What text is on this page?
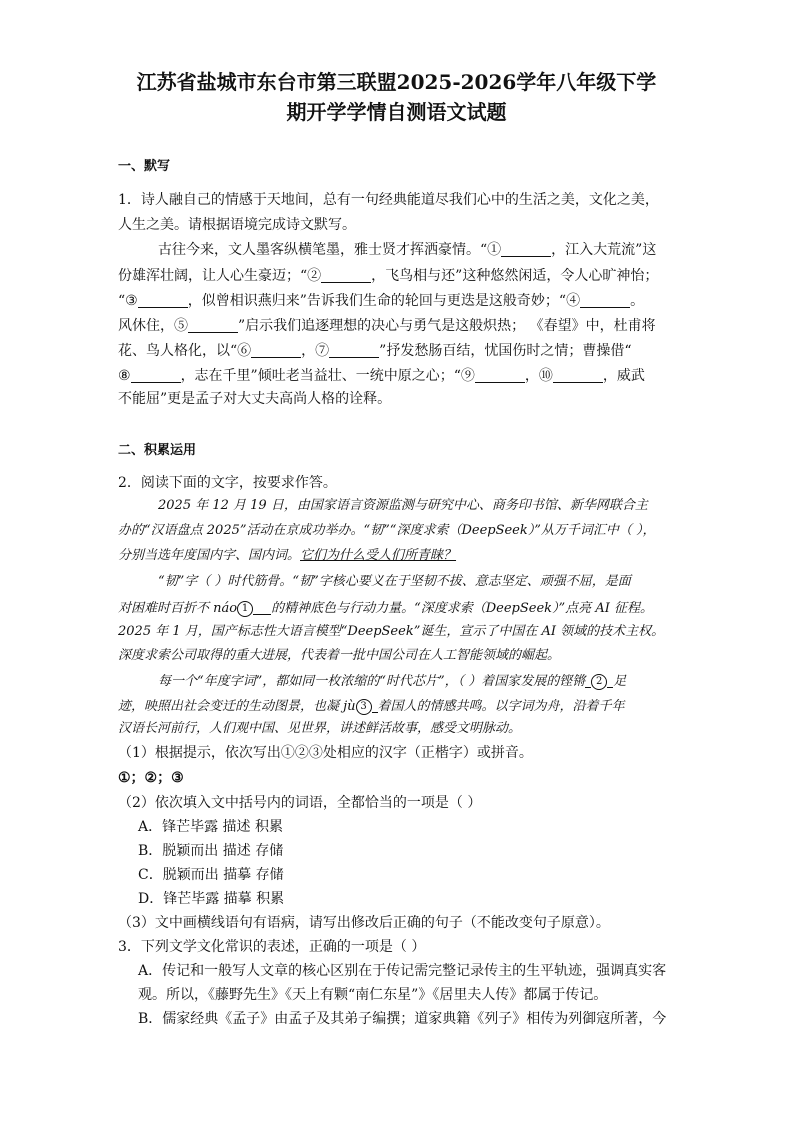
江苏省盐城市东台市第三联盟2025-2026学年八年级下学
期开学学情自测语文试题
一、默写
1．诗人融自己的情感于天地间，总有一句经典能道尽我们心中的生活之美，文化之美，
人生之美。请根据语境完成诗文默写。
古往今来，文人墨客纵横笔墨，雅士贤才挥洒豪情。“①	，江入大荒流”这
份雄浑壮阔，让人心生豪迈；“②	，飞鸟相与还”这种悠然闲适，令人心旷神怡；
“③	，似曾相识燕归来”告诉我们生命的轮回与更迭是这般奇妙；“④	。
风休住，⑤	”启示我们追逐理想的决心与勇气是这般炽热； 《春望》中，杜甫将
花、鸟人格化，以“⑥	，⑦	”抒发愁肠百结，忧国伤时之情；曹操借“
⑧	，志在千里”倾吐老当益壮、一统中原之心；“⑨	，⑩	，威武
不能屈”更是孟子对大丈夫高尚人格的诠释。
二、积累运用
2．阅读下面的文字，按要求作答。
2025 年 12 月 19 日，由国家语言资源监测与研究中心、商务印书馆、新华网联合主
办的“汉语盘点 2025”活动在京成功举办。“韧”“深度求索（DeepSeek）”从万千词汇中（ ），
分别当选年度国内字、国内词。它们为什么受人们所青睐？
“韧”字（ ）时代筋骨。“韧”字核心要义在于坚韧不拔、意志坚定、顽强不屈，是面
对困难时百折不 náo 1 的精神底色与行动力量。“深度求索（DeepSeek）”点亮 AI 征程。
2025 年 1 月，国产标志性大语言模型“DeepSeek”诞生，宣示了中国在 AI 领域的技术主权。
深度求索公司取得的重大进展，代表着一批中国公司在人工智能领域的崛起。
每一个“年度字词”，都如同一枚浓缩的“时代芯片”，（ ）着国家发展的铿锵 2 足
迹，映照出社会变迁的生动图景，也凝 jù 3 着国人的情感共鸣。以字词为舟，沿着千年
汉语长河前行，人们观中国、见世界，讲述鲜活故事，感受文明脉动。
（1）根据提示，依次写出①②③处相应的汉字（正楷字）或拼音。
①；②；③
（2）依次填入文中括号内的词语，全都恰当的一项是（ ）
A．锋芒毕露 描述 积累
B．脱颖而出 描述 存储
C．脱颖而出 描摹 存储
D．锋芒毕露 描摹 积累
（3）文中画横线语句有语病，请写出修改后正确的句子（不能改变句子原意）。
3．下列文学文化常识的表述，正确的一项是（ ）
A．传记和一般写人文章的核心区别在于传记需完整记录传主的生平轨迹，强调真实客
观。所以，《藤野先生》《天上有颗“南仁东星”》《居里夫人传》都属于传记。
B．儒家经典《孟子》由孟子及其弟子编撰；道家典籍《列子》相传为列御寇所著，今
